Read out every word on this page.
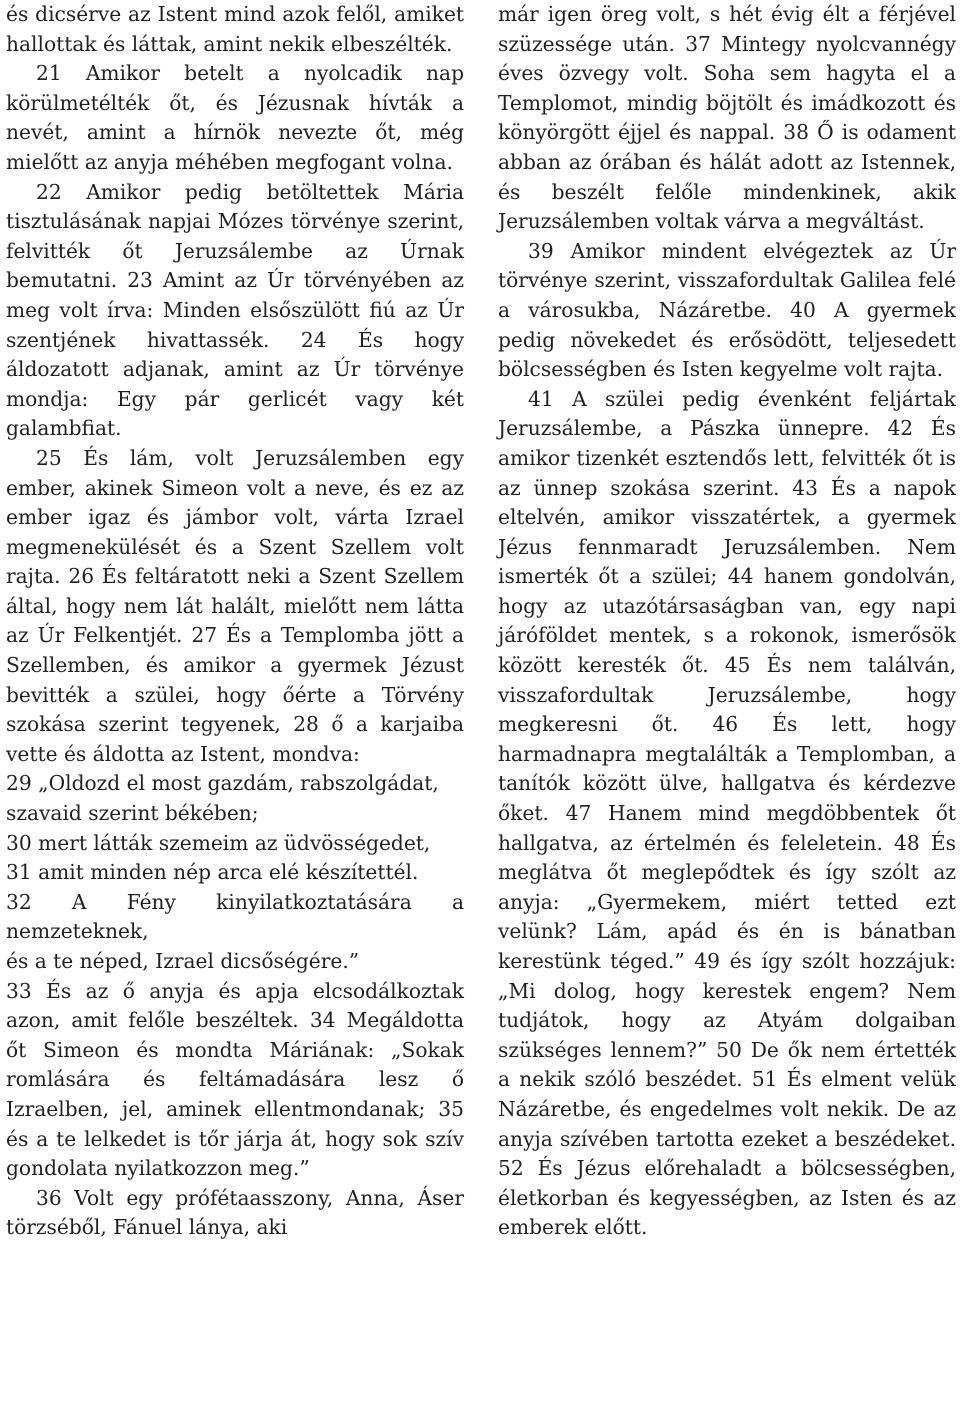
és dicsérve az Istent mind azok felől, amiket hallottak és láttak, amint nekik elbeszélték.

21 Amikor betelt a nyolcadik nap körülmetélték őt, és Jézusnak hívták a nevét, amint a hírnök nevezte őt, még mielőtt az anyja méhében megfogant volna.

22 Amikor pedig betöltettek Mária tisztulásának napjai Mózes törvénye szerint, felvitték őt Jeruzsálembe az Úrnak bemutatni. 23 Amint az Úr törvényében az meg volt írva: Minden elsőszülött fiú az Úr szentjének hivattassék. 24 És hogy áldozatott adjanak, amint az Úr törvénye mondja: Egy pár gerlicét vagy két galambfiat.

25 És lám, volt Jeruzsálemben egy ember, akinek Simeon volt a neve, és ez az ember igaz és jámbor volt, várta Izrael megmenekülését és a Szent Szellem volt rajta. 26 És feltáratott neki a Szent Szellem által, hogy nem lát halált, mielőtt nem látta az Úr Felkentjét. 27 És a Templomba jött a Szellemben, és amikor a gyermek Jézust bevitték a szülei, hogy őérte a Törvény szokása szerint tegyenek, 28 ő a karjaiba vette és áldotta az Istent, mondva:

29 „Oldozd el most gazdám, rabszolgádat,

szavaid szerint békében;

30 mert látták szemeim az üdvösségedet,

31 amit minden nép arca elé készítettél.

32 A Fény kinyilatkoztatására a nemzeteknek,

és a te néped, Izrael dicsőségére.”

33 És az ő anyja és apja elcsodálkoztak azon, amit felőle beszéltek. 34 Megáldotta őt Simeon és mondta Máriának: „Sokak romlására és feltámadására lesz ő Izraelben, jel, aminek ellentmondanak; 35 és a te lelkedet is tőr járja át, hogy sok szív gondolata nyilatkozzon meg.”

36 Volt egy prófétaasszony, Anna, Áser törzséből, Fánuel lánya, aki

már igen öreg volt, s hét évig élt a férjével szüzessége után. 37 Mintegy nyolcvannégy éves özvegy volt. Soha sem hagyta el a Templomot, mindig böjtölt és imádkozott és könyörgött éjjel és nappal. 38 Ő is odament abban az órában és hálát adott az Istennek, és beszélt felőle mindenkinek, akik Jeruzsálemben voltak várva a megváltást.

39 Amikor mindent elvégeztek az Úr törvénye szerint, visszafordultak Galilea felé a városukba, Názáretbe. 40 A gyermek pedig növekedet és erősödött, teljesedett bölcsességben és Isten kegyelme volt rajta.

41 A szülei pedig évenként feljártak Jeruzsálembe, a Pászka ünnepre. 42 És amikor tizenkét esztendős lett, felvitték őt is az ünnep szokása szerint. 43 És a napok eltelvén, amikor visszatértek, a gyermek Jézus fennmaradt Jeruzsálemben. Nem ismerték őt a szülei; 44 hanem gondolván, hogy az utazótársaságban van, egy napi járóföldet mentek, s a rokonok, ismerősök között keresték őt. 45 És nem találván, visszafordultak Jeruzsálembe, hogy megkeresni őt. 46 És lett, hogy harmadnapra megtalálták a Templomban, a tanítók között ülve, hallgatva és kérdezve őket. 47 Hanem mind megdöbbentek őt hallgatva, az értelmén és feleletein. 48 És meglátva őt meglepődtek és így szólt az anyja: „Gyermekem, miért tetted ezt velünk? Lám, apád és én is bánatban kerestünk téged.” 49 és így szólt hozzájuk: „Mi dolog, hogy kerestek engem? Nem tudjátok, hogy az Atyám dolgaiban szükséges lennem?” 50 De ők nem értették a nekik szóló beszédet. 51 És elment velük Názáretbe, és engedelmes volt nekik. De az anyja szívében tartotta ezeket a beszédeket. 52 És Jézus előrehaladt a bölcsességben, életkorban és kegyességben, az Isten és az emberek előtt.
